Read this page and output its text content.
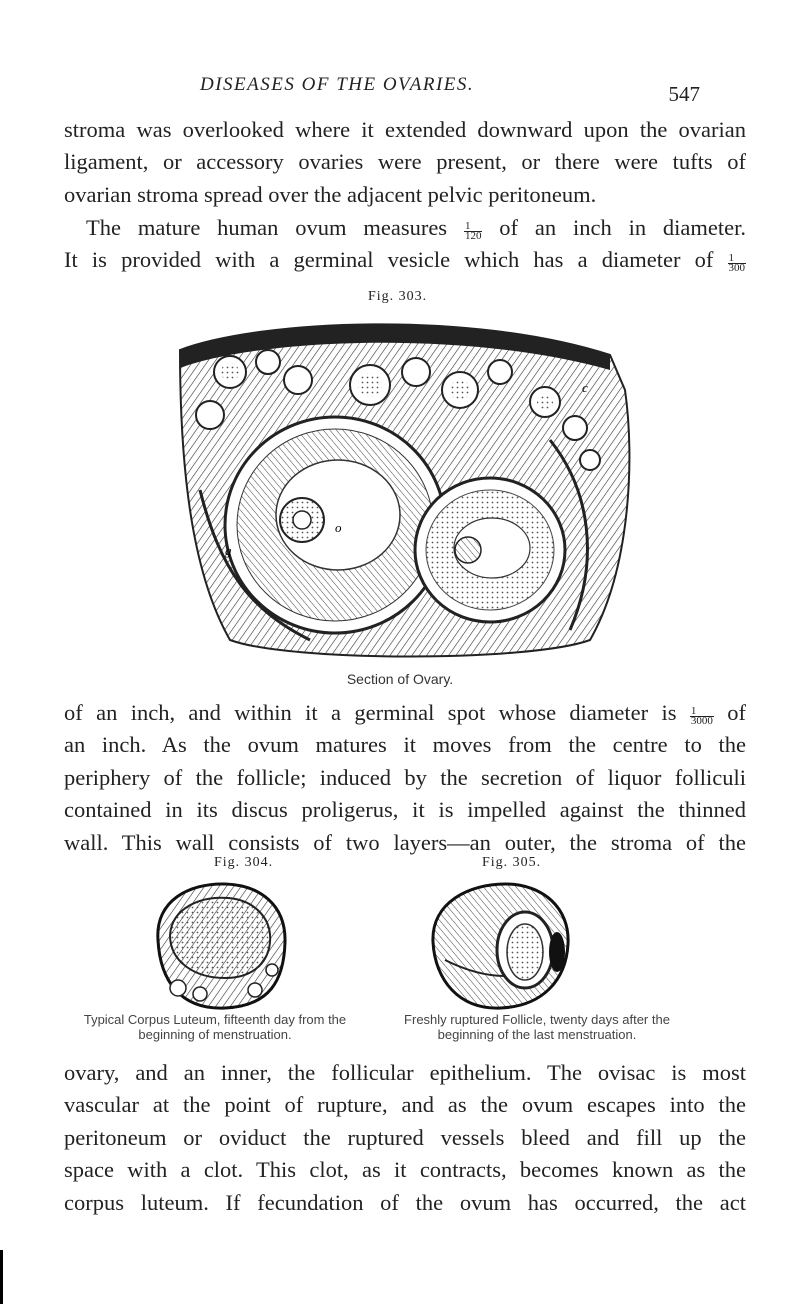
DISEASES OF THE OVARIES.	547
stroma was overlooked where it extended downward upon the ovarian
ligament, or accessory ovaries were present, or there were tufts of
ovarian stroma spread over the adjacent pelvic peritoneum.
The mature human ovum measures $\frac{1}{120}$ of an inch in diameter.
It is provided with a germinal vesicle which has a diameter of $\frac{1}{300}$
Fig. 303.
c
o
g
Section of Ovary.
of an inch, and within it a germinal spot whose diameter is $\frac{1}{3000}$ of
an inch. As the ovum matures it moves from the centre to the
periphery of the follicle; induced by the secretion of liquor folliculi
contained in its discus proligerus, it is impelled against the thinned
wall. This wall consists of two layers—an outer, the stroma of the
Fig. 304.
Typical Corpus Luteum, fifteenth day from the
beginning of menstruation.
Fig. 305.
Freshly ruptured Follicle, twenty days after the
beginning of the last menstruation.
ovary, and an inner, the follicular epithelium. The ovisac is most
vascular at the point of rupture, and as the ovum escapes into the
peritoneum or oviduct the ruptured vessels bleed and fill up the
space with a clot. This clot, as it contracts, becomes known as the
corpus luteum. If fecundation of the ovum has occurred, the act
